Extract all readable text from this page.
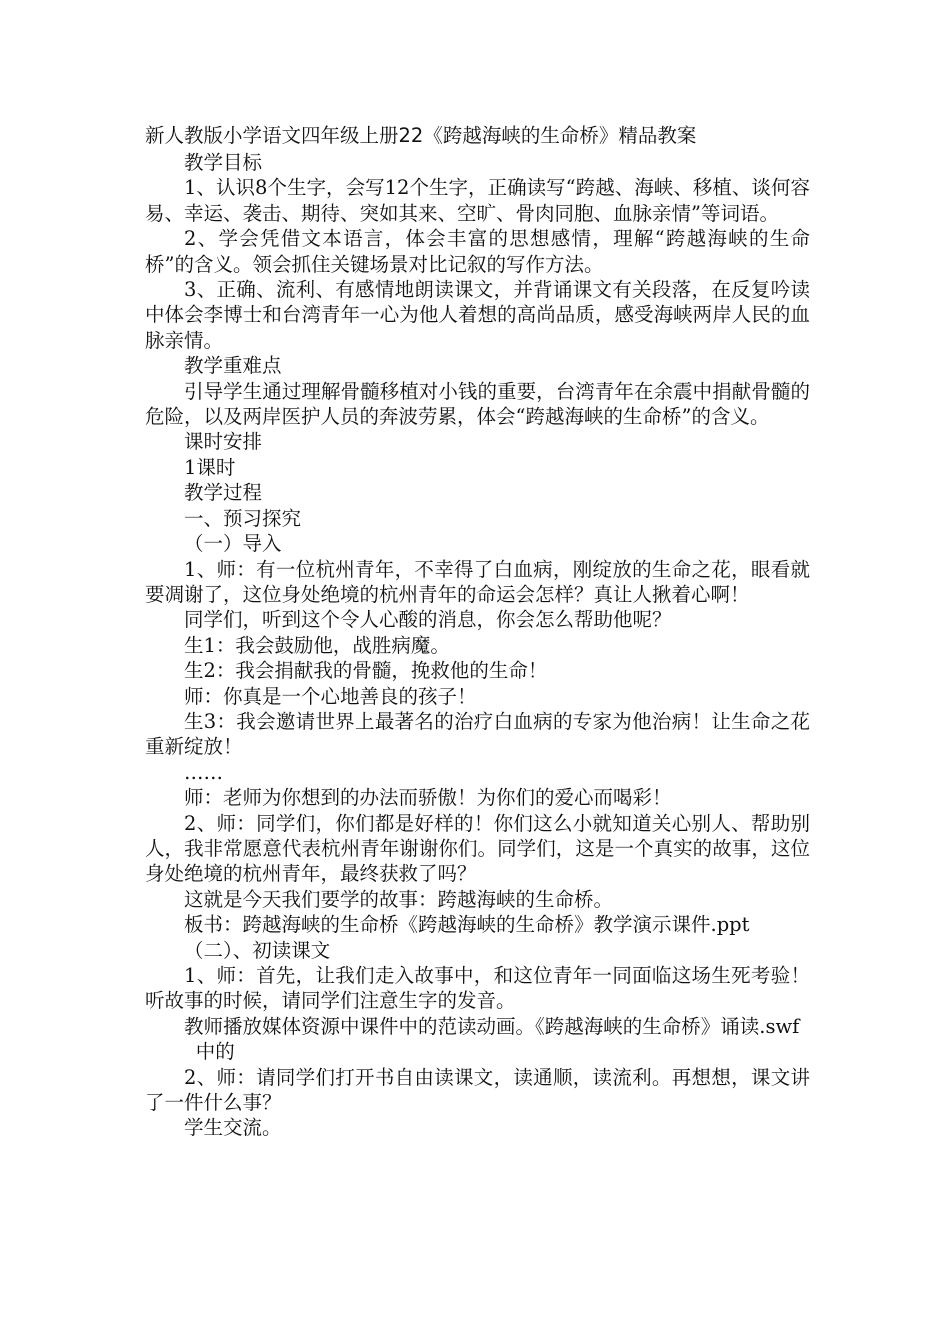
新人教版小学语文四年级上册22《跨越海峡的生命桥》精品教案

教学目标

1、认识8个生字，会写12个生字，正确读写“跨越、海峡、移植、谈何容易、幸运、袭击、期待、突如其来、空旷、骨肉同胞、血脉亲情”等词语。

2、学会凭借文本语言，体会丰富的思想感情，理解“跨越海峡的生命桥”的含义。领会抓住关键场景对比记叙的写作方法。

3、正确、流利、有感情地朗读课文，并背诵课文有关段落，在反复吟读中体会李博士和台湾青年一心为他人着想的高尚品质，感受海峡两岸人民的血脉亲情。

教学重难点

引导学生通过理解骨髓移植对小钱的重要，台湾青年在余震中捐献骨髓的危险，以及两岸医护人员的奔波劳累，体会“跨越海峡的生命桥”的含义。

课时安排

1课时

教学过程

一、预习探究

（一）导入

1、师：有一位杭州青年，不幸得了白血病，刚绽放的生命之花，眼看就要凋谢了，这位身处绝境的杭州青年的命运会怎样？真让人揪着心啊！

同学们，听到这个令人心酸的消息，你会怎么帮助他呢？

生1：我会鼓励他，战胜病魔。

生2：我会捐献我的骨髓，挽救他的生命！

师：你真是一个心地善良的孩子！

生3：我会邀请世界上最著名的治疗白血病的专家为他治病！让生命之花重新绽放！

……

师：老师为你想到的办法而骄傲！为你们的爱心而喝彩！

2、师：同学们，你们都是好样的！你们这么小就知道关心别人、帮助别人，我非常愿意代表杭州青年谢谢你们。同学们，这是一个真实的故事，这位身处绝境的杭州青年，最终获救了吗？

这就是今天我们要学的故事：跨越海峡的生命桥。

板书：跨越海峡的生命桥《跨越海峡的生命桥》教学演示课件.ppt

（二）、初读课文

1、师：首先，让我们走入故事中，和这位青年一同面临这场生死考验！听故事的时候，请同学们注意生字的发音。

教师播放媒体资源中课件中的范读动画。《跨越海峡的生命桥》诵读.swf

中的

2、师：请同学们打开书自由读课文，读通顺，读流利。再想想，课文讲了一件什么事？

学生交流。
